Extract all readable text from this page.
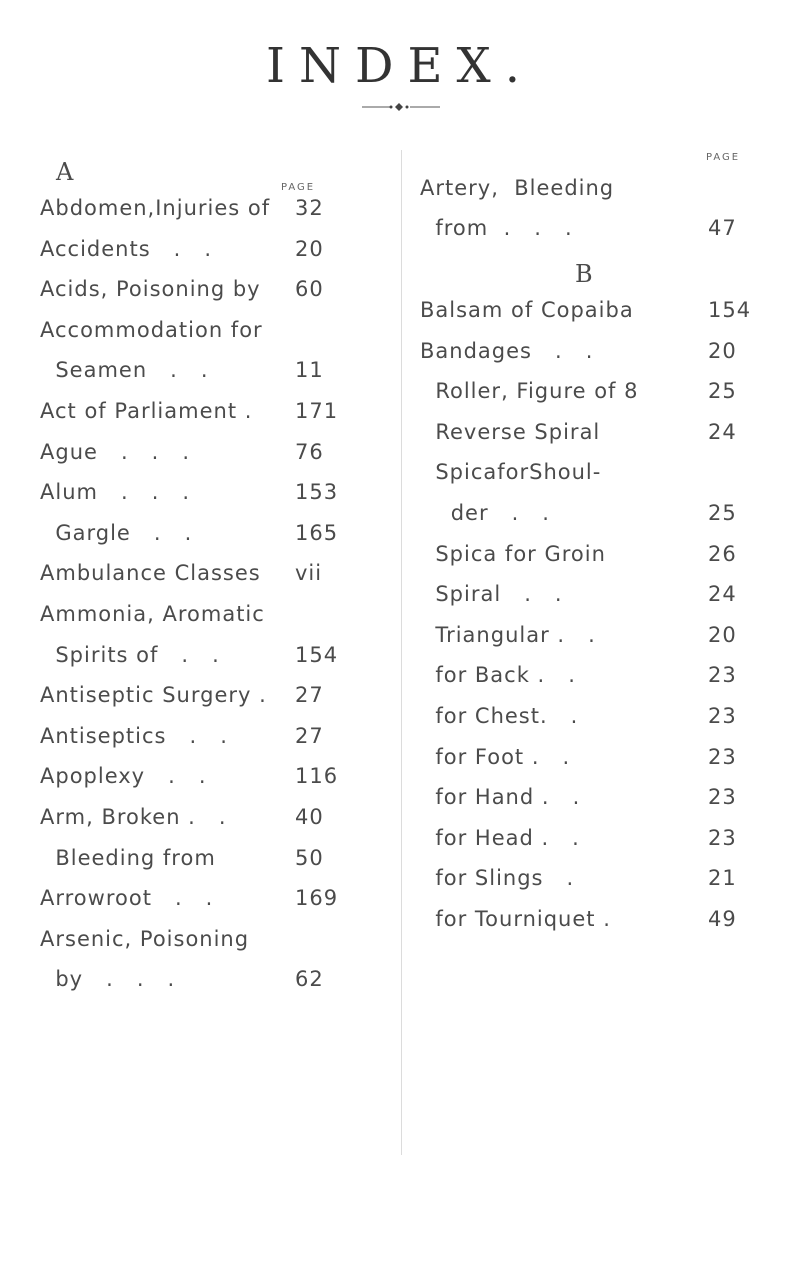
INDEX.
A
PAGE
Abdomen,Injuries of 32
Accidents   .   .	20
Acids, Poisoning by 60
Accommodation for
Seamen   .   .	11
Act of Parliament . 171
Ague   .   .   .	76
Alum   .   .   .	153
Gargle   .   .	165
Ambulance Classes vii
Ammonia, Aromatic
Spirits of   .   .	154
Antiseptic Surgery . 27
Antiseptics   .   .	27
Apoplexy   .   .	116
Arm, Broken .   .	40
Bleeding from	50
Arrowroot   .   .	169
Arsenic, Poisoning
by   .   .   .	62
PAGE
Artery,  Bleeding
from  .   .   .	47
B
Balsam of Copaiba	154
Bandages   .   .	20
Roller, Figure of 8	25
Reverse Spiral	24
SpicaforShoul-
der   .   .	25
Spica for Groin	26
Spiral   .   .	24
Triangular .   .	20
for Back .   .	23
for Chest.   .	23
for Foot .   .	23
for Hand .   .	23
for Head .   .	23
for Slings   .	21
for Tourniquet .	49
